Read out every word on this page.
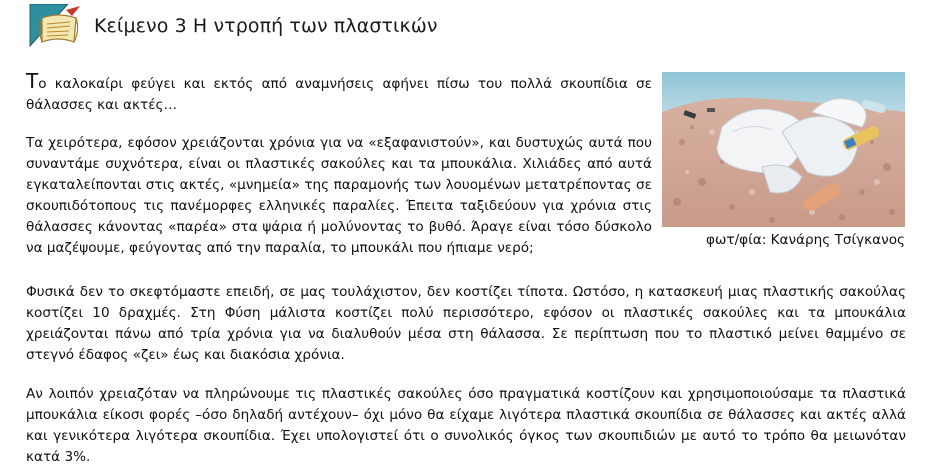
Κείμενο 3 Η ντροπή των πλαστικών
Το καλοκαίρι φεύγει και εκτός από αναμνήσεις αφήνει πίσω του πολλά σκουπίδια σε θάλασσες και ακτές…
Τα χειρότερα, εφόσον χρειάζονται χρόνια για να «εξαφανιστούν», και δυστυχώς αυτά που συναντάμε συχνότερα, είναι οι πλαστικές σακούλες και τα μπουκάλια. Χιλιάδες από αυτά εγκαταλείπονται στις ακτές, «μνημεία» της παραμονής των λουομένων μετατρέποντας σε σκουπιδότοπους τις πανέμορφες ελληνικές παραλίες. Έπειτα ταξιδεύουν για χρόνια στις θάλασσες κάνοντας «παρέα» στα ψάρια ή μολύνοντας το βυθό. Άραγε είναι τόσο δύσκολο να μαζέψουμε, φεύγοντας από την παραλία, το μπουκάλι που ήπιαμε νερό;	φωτ/φία: Κανάρης Τσίγκανος
Φυσικά δεν το σκεφτόμαστε επειδή, σε μας τουλάχιστον, δεν κοστίζει τίποτα. Ωστόσο, η κατασκευή μιας πλαστικής σακούλας κοστίζει 10 δραχμές. Στη Φύση μάλιστα κοστίζει πολύ περισσότερο, εφόσον οι πλαστικές σακούλες και τα μπουκάλια χρειάζονται πάνω από τρία χρόνια για να διαλυθούν μέσα στη θάλασσα. Σε περίπτωση που το πλαστικό μείνει θαμμένο σε στεγνό έδαφος «ζει» έως και διακόσια χρόνια.
Αν λοιπόν χρειαζόταν να πληρώνουμε τις πλαστικές σακούλες όσο πραγματικά κοστίζουν και χρησιμοποιούσαμε τα πλαστικά μπουκάλια είκοσι φορές –όσο δηλαδή αντέχουν– όχι μόνο θα είχαμε λιγότερα πλαστικά σκουπίδια σε θάλασσες και ακτές αλλά και γενικότερα λιγότερα σκουπίδια. Έχει υπολογιστεί ότι ο συνολικός όγκος των σκουπιδιών με αυτό το τρόπο θα μειωνόταν κατά 3%.
